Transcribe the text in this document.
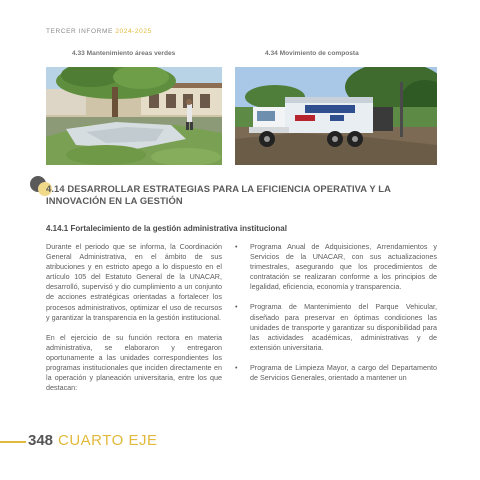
TERCER INFORME 2024-2025
4.33 Mantenimiento áreas verdes	4.34 Movimiento de composta
4.14 DESARROLLAR ESTRATEGIAS PARA LA EFICIENCIA OPERATIVA Y LA INNOVACIÓN EN LA GESTIÓN
4.14.1 Fortalecimiento de la gestión administrativa institucional

Durante el periodo que se informa, la Coordinación General Administrativa, en el ámbito de sus atribuciones y en estricto apego a lo dispuesto en el artículo 105 del Estatuto General de la UNACAR, desarrolló, supervisó y dio cumplimiento a un conjunto de acciones estratégicas orientadas a fortalecer los procesos administrativos, optimizar el uso de recursos y garantizar la transparencia en la gestión institucional.

En el ejercicio de su función rectora en materia administrativa, se elaboraron y entregaron oportunamente a las unidades correspondientes los programas institucionales que inciden directamente en la operación y planeación universitaria, entre los que destacan:

• Programa Anual de Adquisiciones, Arrendamientos y Servicios de la UNACAR, con sus actualizaciones trimestrales, asegurando que los procedimientos de contratación se realizaran conforme a los principios de legalidad, eficiencia, economía y transparencia.
• Programa de Mantenimiento del Parque Vehicular, diseñado para preservar en óptimas condiciones las unidades de transporte y garantizar su disponibilidad para las actividades académicas, administrativas y de extensión universitaria.
• Programa de Limpieza Mayor, a cargo del Departamento de Servicios Generales, orientado a mantener un
348 CUARTO EJE
